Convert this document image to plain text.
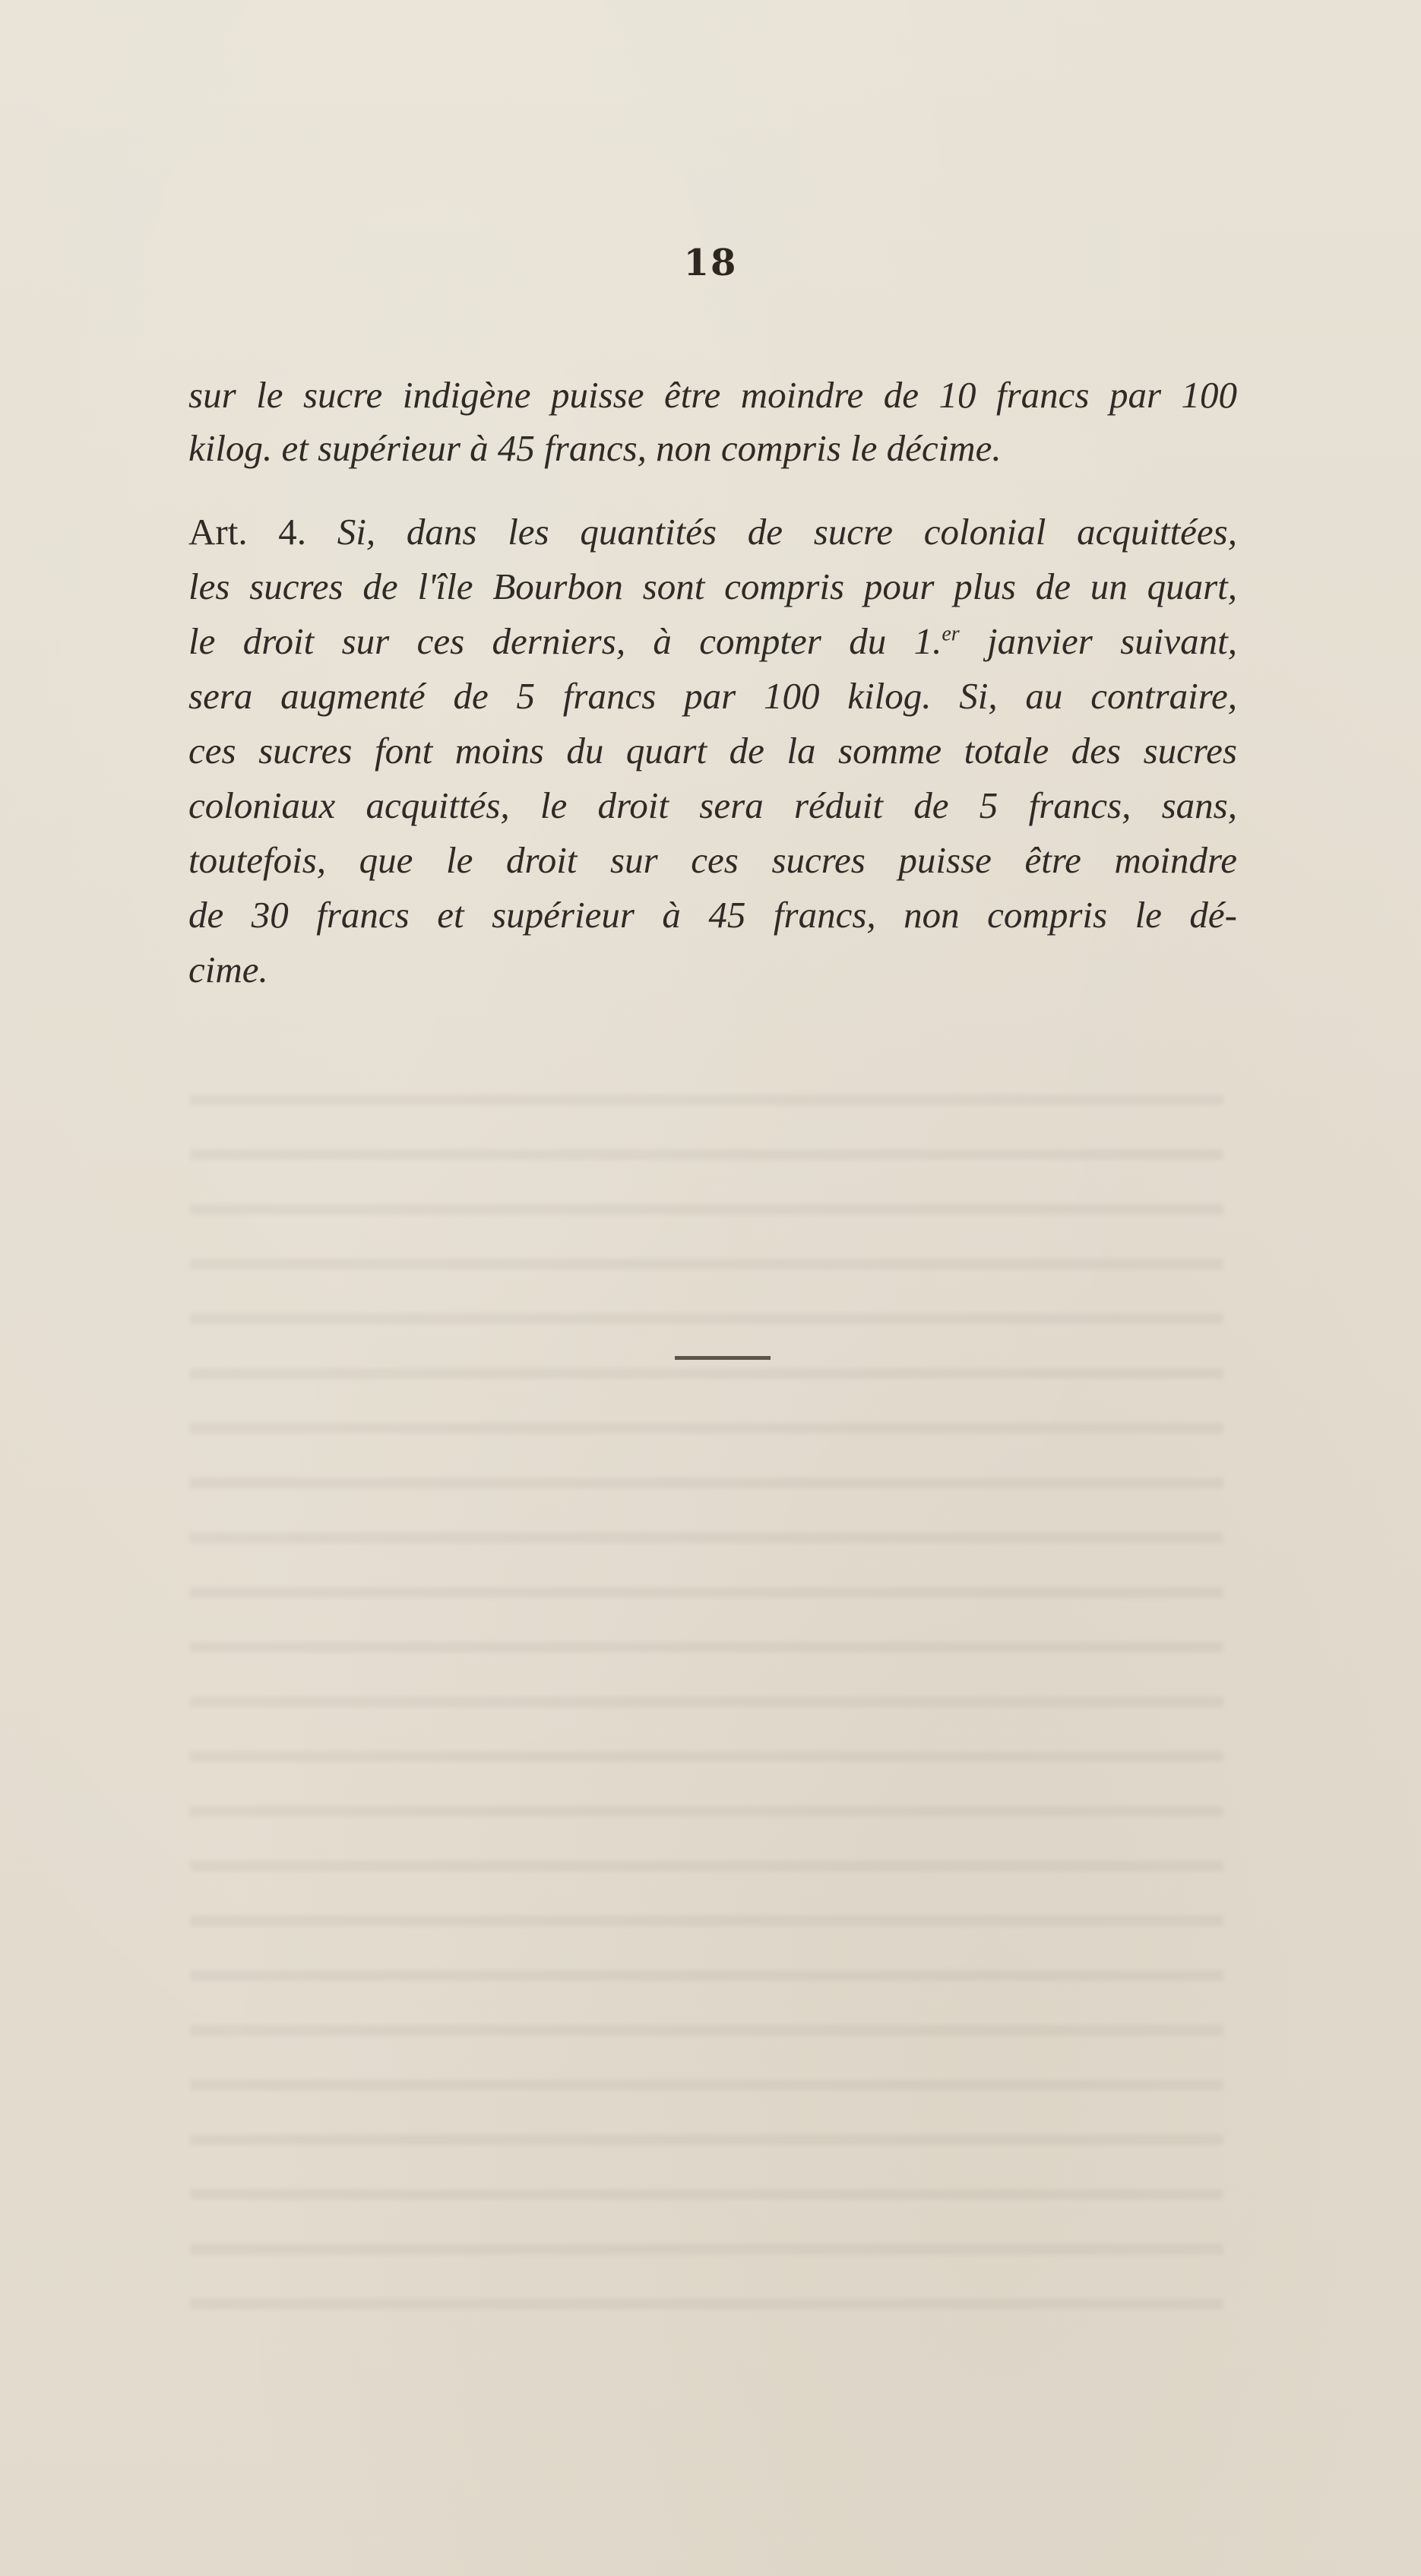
18
sur le sucre indigène puisse être moindre de 10 francs par 100
kilog. et supérieur à 45 francs, non compris le décime.
Art. 4. Si, dans les quantités de sucre colonial acquittées,
les sucres de l'île Bourbon sont compris pour plus de un quart,
le droit sur ces derniers, à compter du 1.$^{er}$ janvier suivant,
sera augmenté de 5 francs par 100 kilog. Si, au contraire,
ces sucres font moins du quart de la somme totale des sucres
coloniaux acquittés, le droit sera réduit de 5 francs, sans,
toutefois, que le droit sur ces sucres puisse être moindre
de 30 francs et supérieur à 45 francs, non compris le dé-
cime.
